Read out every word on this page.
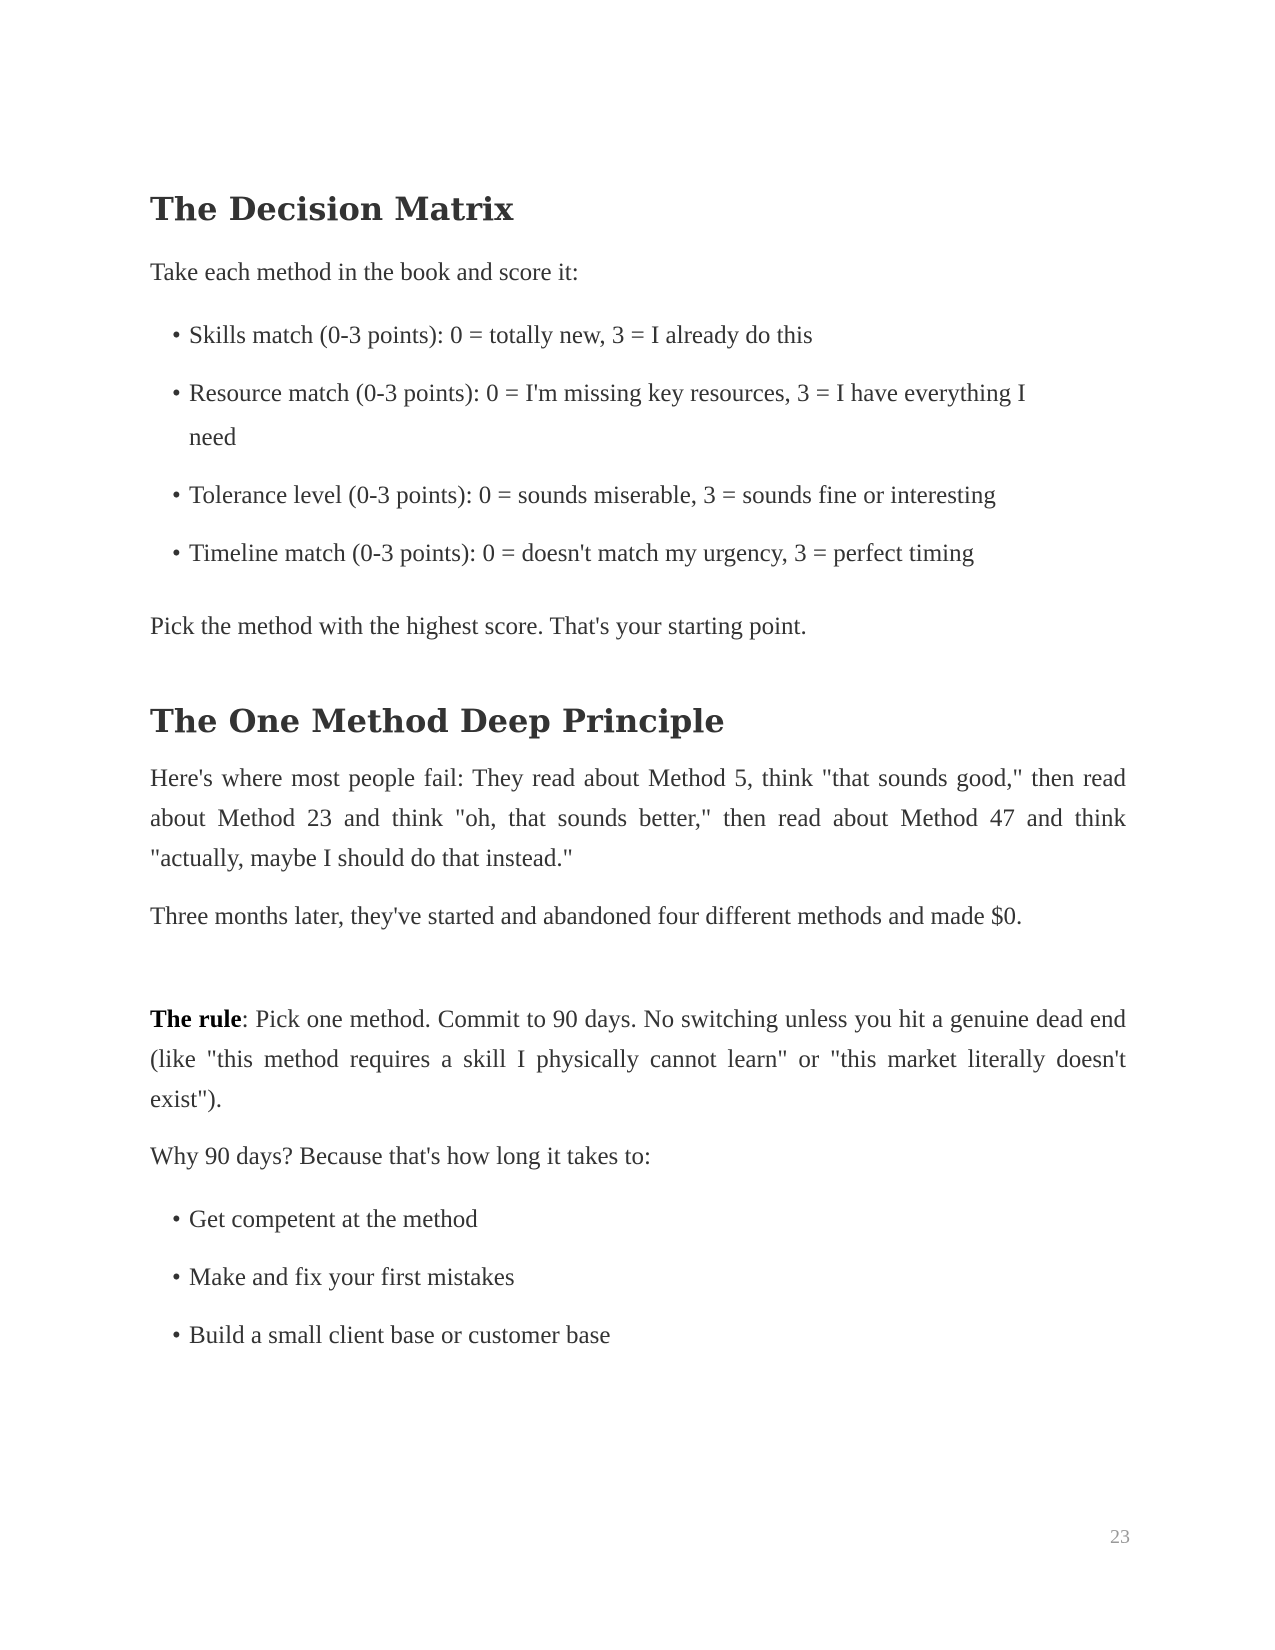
The Decision Matrix

Take each method in the book and score it:

• Skills match (0-3 points): 0 = totally new, 3 = I already do this
• Resource match (0-3 points): 0 = I'm missing key resources, 3 = I have everything I need
• Tolerance level (0-3 points): 0 = sounds miserable, 3 = sounds fine or interesting
• Timeline match (0-3 points): 0 = doesn't match my urgency, 3 = perfect timing

Pick the method with the highest score. That's your starting point.

The One Method Deep Principle

Here's where most people fail: They read about Method 5, think "that sounds good," then read about Method 23 and think "oh, that sounds better," then read about Method 47 and think "actually, maybe I should do that instead."

Three months later, they've started and abandoned four different methods and made $0.

The rule: Pick one method. Commit to 90 days. No switching unless you hit a genuine dead end (like "this method requires a skill I physically cannot learn" or "this market literally doesn't exist").

Why 90 days? Because that's how long it takes to:

• Get competent at the method
• Make and fix your first mistakes
• Build a small client base or customer base
23
